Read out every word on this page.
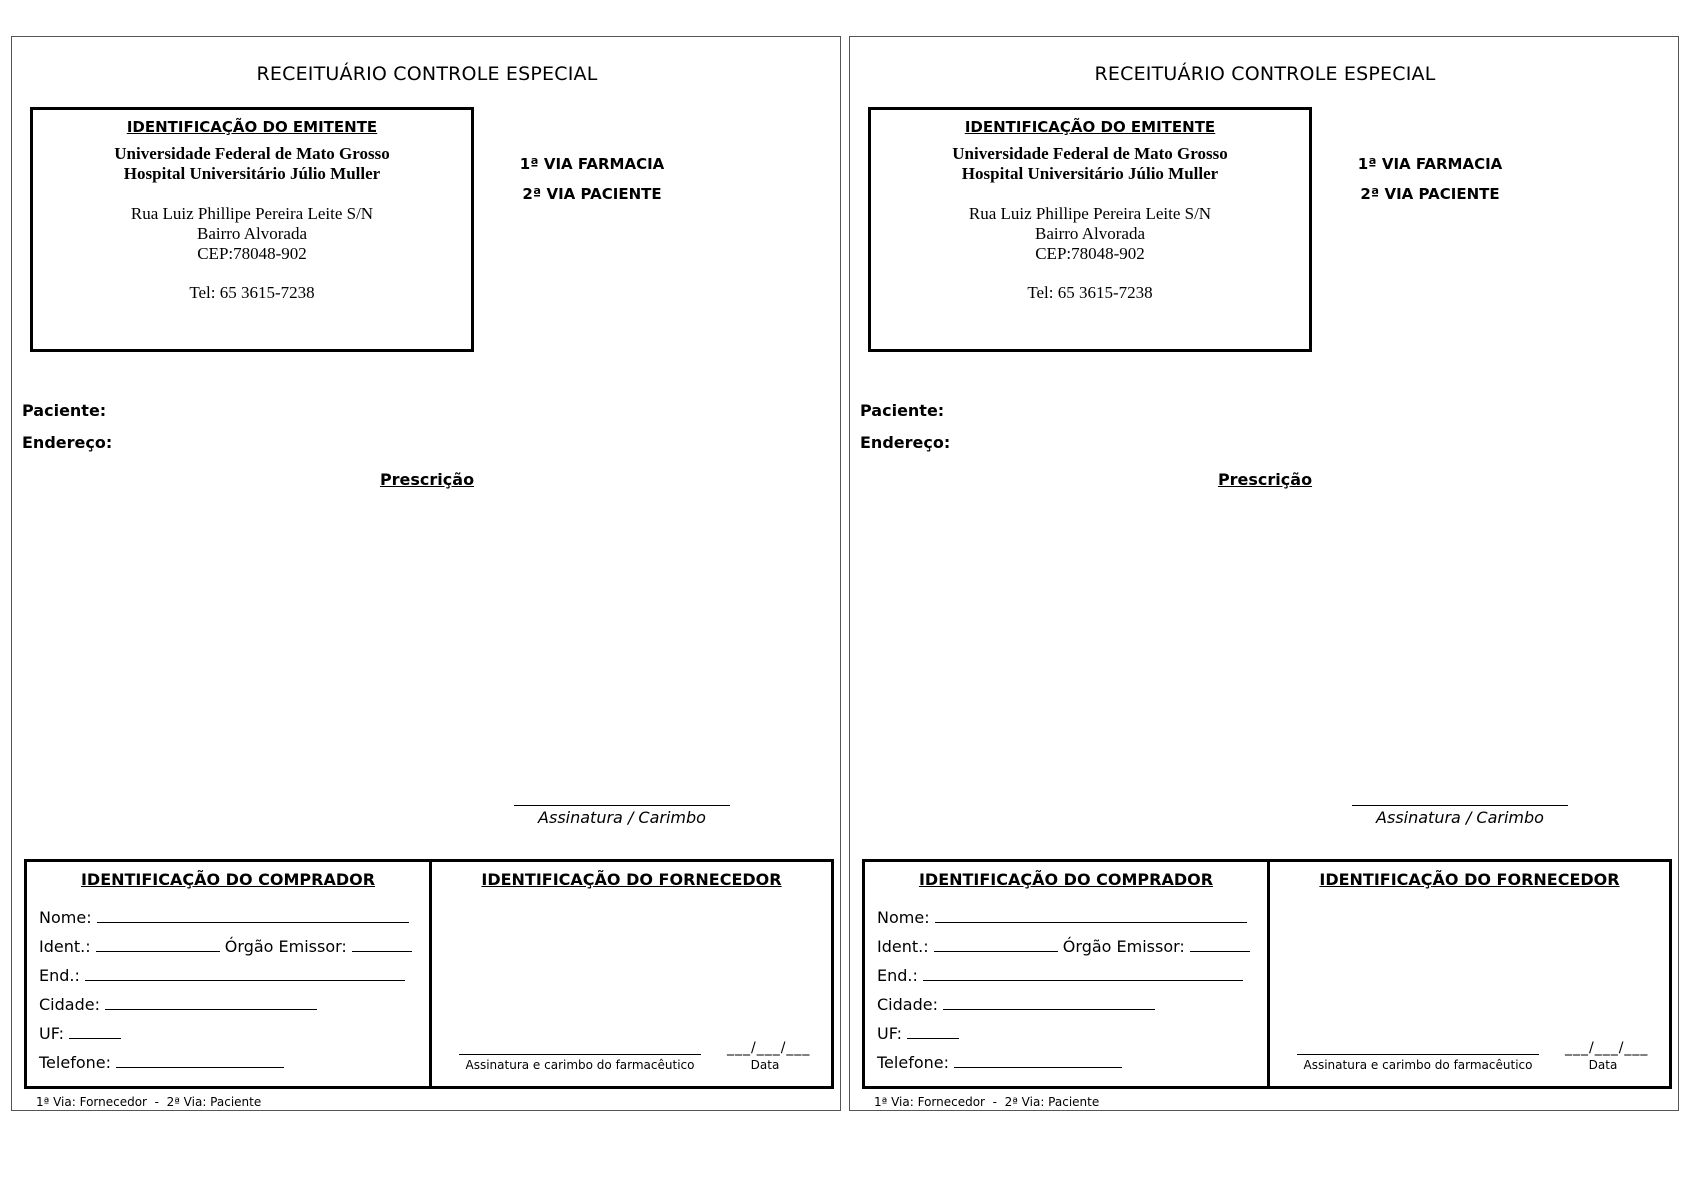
RECEITUÁRIO CONTROLE ESPECIAL
IDENTIFICAÇÃO DO EMITENTE
Universidade Federal de Mato Grosso
Hospital Universitário Júlio Muller
Rua Luiz Phillipe Pereira Leite S/N
Bairro Alvorada
CEP:78048-902
Tel: 65 3615-7238
1ª VIA FARMACIA
2ª VIA PACIENTE
Paciente:
Endereço:
Prescrição
Assinatura / Carimbo
IDENTIFICAÇÃO DO COMPRADOR
Nome:
Ident.:	Órgão Emissor:
End.:
Cidade:
UF:
Telefone:
IDENTIFICAÇÃO DO FORNECEDOR
Assinatura e carimbo do farmacêutico
___/___/___
Data
1ª Via: Fornecedor  -  2ª Via: Paciente
RECEITUÁRIO CONTROLE ESPECIAL
IDENTIFICAÇÃO DO EMITENTE
Universidade Federal de Mato Grosso
Hospital Universitário Júlio Muller
Rua Luiz Phillipe Pereira Leite S/N
Bairro Alvorada
CEP:78048-902
Tel: 65 3615-7238
1ª VIA FARMACIA
2ª VIA PACIENTE
Paciente:
Endereço:
Prescrição
Assinatura / Carimbo
IDENTIFICAÇÃO DO COMPRADOR
Nome:
Ident.:	Órgão Emissor:
End.:
Cidade:
UF:
Telefone:
IDENTIFICAÇÃO DO FORNECEDOR
Assinatura e carimbo do farmacêutico
___/___/___
Data
1ª Via: Fornecedor  -  2ª Via: Paciente
